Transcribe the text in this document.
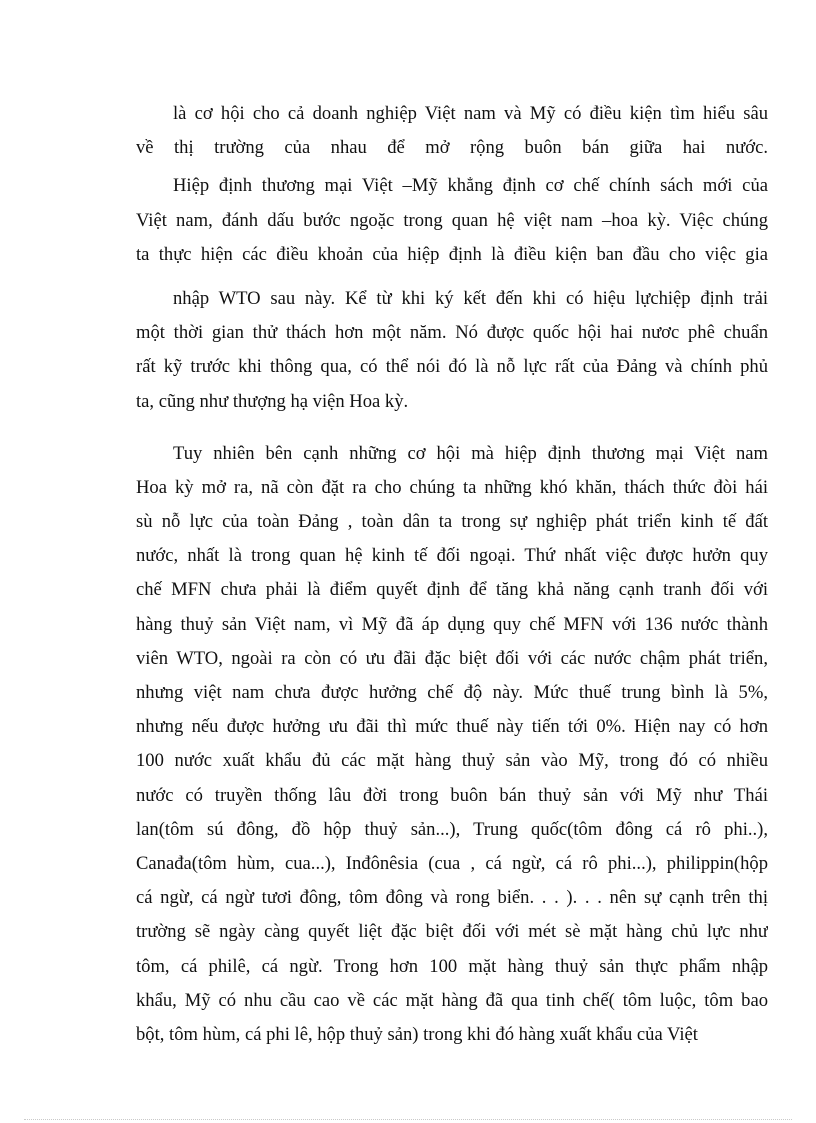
là cơ hội cho cả doanh nghiệp Việt nam và Mỹ có điều kiện tìm hiểu sâu
về thị trường của nhau để mở rộng buôn bán giữa hai nước.
Hiệp định thương mại Việt –Mỹ khẳng định cơ chế chính sách mới của
Việt nam, đánh dấu bước ngoặc trong quan hệ việt nam –hoa kỳ. Việc chúng
ta thực hiện các điều khoản của hiệp định là điều kiện ban đầu cho việc gia
nhập WTO sau này. Kể từ khi ký kết đến khi có hiệu lựchiệp định trải
một thời gian thử thách hơn một năm. Nó được quốc hội hai nươc phê chuẩn
rất kỹ trước khi thông qua, có thể nói đó là nỗ lực rất của Đảng và chính phủ
ta, cũng như thượng hạ viện Hoa kỳ.
Tuy nhiên bên cạnh những cơ hội mà hiệp định thương mại Việt nam
Hoa kỳ mở ra, nã còn đặt ra cho chúng ta những khó khăn, thách thức đòi hái
sù nỗ lực của toàn Đảng , toàn dân ta trong sự nghiệp phát triển kinh tế đất
nước, nhất là trong quan hệ kinh tế đối ngoại. Thứ nhất việc được hưởn quy
chế MFN chưa phải là điểm quyết định để tăng khả năng cạnh tranh đối với
hàng thuỷ sản Việt nam, vì Mỹ đã áp dụng quy chế MFN với 136 nước thành
viên WTO, ngoài ra còn có ưu đãi đặc biệt đối với các nước chậm phát triển,
nhưng việt nam chưa được hưởng chế độ này. Mức thuế trung bình là 5%,
nhưng nếu được hưởng ưu đãi thì mức thuế này tiến tới 0%. Hiện nay có hơn
100 nước xuất khẩu đủ các mặt hàng thuỷ sản vào Mỹ, trong đó có nhiều
nước có truyền thống lâu đời trong buôn bán thuỷ sản với Mỹ như Thái
lan(tôm sú đông, đồ hộp thuỷ sản...), Trung quốc(tôm đông cá rô phi..),
Canađa(tôm hùm, cua...), Inđônêsia (cua , cá ngừ, cá rô phi...), philippin(hộp
cá ngừ, cá ngừ tươi đông, tôm đông và rong biển. . . ). . . nên sự cạnh trên thị
trường sẽ ngày càng quyết liệt đặc biệt đối với mét sè mặt hàng chủ lực như
tôm, cá philê, cá ngừ. Trong hơn 100 mặt hàng thuỷ sản thực phẩm nhập
khẩu, Mỹ có nhu cầu cao về các mặt hàng đã qua tinh chế( tôm luộc, tôm bao
bột, tôm hùm, cá phi lê, hộp thuỷ sản) trong khi đó hàng xuất khẩu của Việt
